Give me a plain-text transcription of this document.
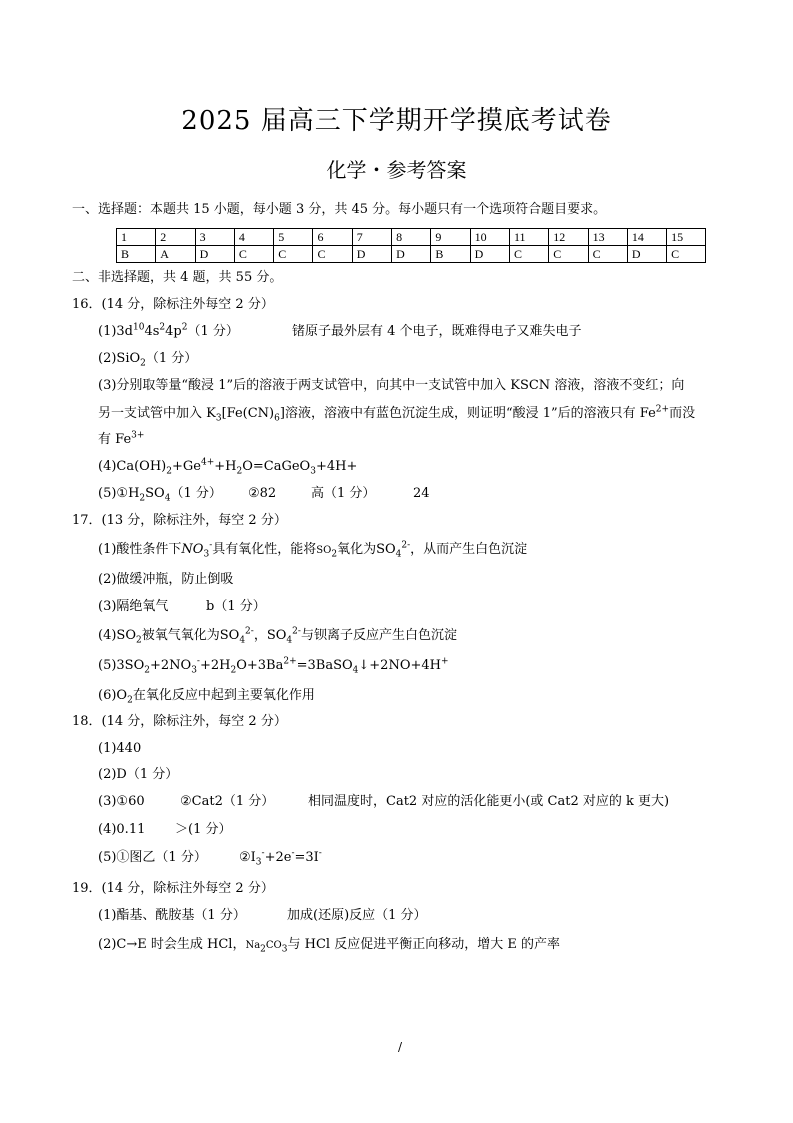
2025 届高三下学期开学摸底考试卷
化学・参考答案
一、选择题：本题共 15 小题，每小题 3 分，共 45 分。每小题只有一个选项符合题目要求。
1	2	3	4	5	6	7	8	9	10	11	12	13	14	15
B	A	D	C	C	C	D	D	B	D	C	C	C	D	C
二、非选择题，共 4 题，共 55 分。
16．(14 分，除标注外每空 2 分）
$(1)3d^{10}4s^24p^2(1$ 分）	锗原子最外层有 4 个电子，既难得电子又难失电子
(2)SiO$_2$（1 分）
(3)分别取等量“酸浸 1”后的溶液于两支试管中，向其中一支试管中加入 KSCN 溶液，溶液不变红；向
另一支试管中加入 $K_3[Fe(CN)_6]$溶液，溶液中有蓝色沉淀生成，则证明“酸浸 1”后的溶液只有 $Fe^{2+}$而没
有 $Fe^{3+}$
$(4)Ca(OH)_2+Ge^{4+}+H_2O=CaGeO_3+4H+$
$(5)①H_2SO_4(1$ 分） ②82	高（1 分）	24
17．(13 分，除标注外，每空 2 分）
(1)酸性条件下$NO_3^-$具有氧化性，能将$SO_2$氧化为$SO_4^{2-}$，从而产生白色沉淀
(2)做缓冲瓶，防止倒吸
(3)隔绝氧气	b（1 分）
$(4)SO_2$被氧气氧化为$SO_4^{2-}$，$SO_4^{2-}$与钡离子反应产生白色沉淀
$(5)3SO_2+2NO_3^-+2H_2O+3Ba^{2+}=3BaSO_4↓+2NO+4H^+$
$(6)O_2$在氧化反应中起到主要氧化作用
18．(14 分，除标注外，每空 2 分）
(1)440
(2)D（1 分）
(3)①60	②Cat2（1 分）	相同温度时，Cat2 对应的活化能更小(或 Cat2 对应的 k 更大)
(4)0.11 ＞(1 分）
(5)①图乙（1 分） $②I_3^-+2e^-=3I^-$
19．(14 分，除标注外每空 2 分）
(1)酯基、酰胺基（1 分）	加成(还原)反应（1 分）
(2)C→E 时会生成 HCl，$Na_2CO_3$与 HCl 反应促进平衡正向移动，增大 E 的产率
/
